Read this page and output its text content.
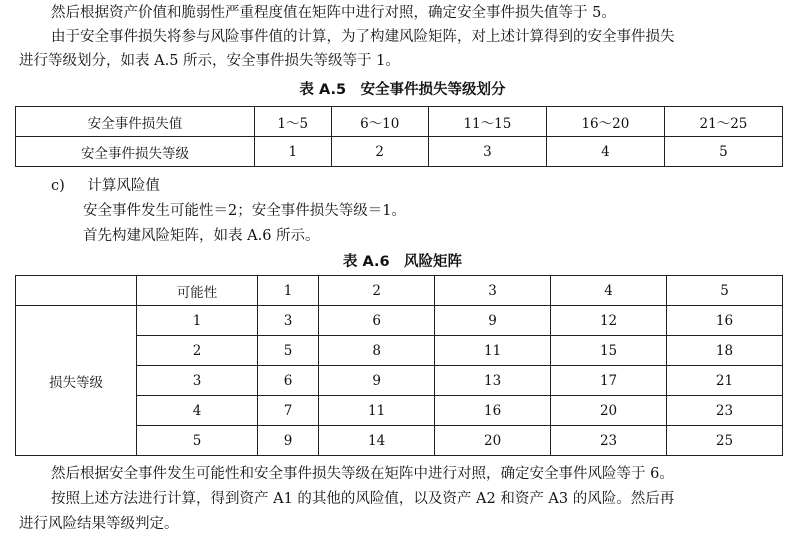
然后根据资产价值和脆弱性严重程度值在矩阵中进行对照，确定安全事件损失值等于 5。
由于安全事件损失将参与风险事件值的计算，为了构建风险矩阵，对上述计算得到的安全事件损失
进行等级划分，如表 A.5 所示，安全事件损失等级等于 1。
表 A.5　安全事件损失等级划分
安全事件损失值	1～5	6～10	11～15	16～20	21～25
安全事件损失等级	1	2	3	4	5
c) 计算风险值
安全事件发生可能性＝2；安全事件损失等级＝1。
首先构建风险矩阵，如表 A.6 所示。
表 A.6　风险矩阵
	可能性	1	2	3	4	5
损失等级	1	3	6	9	12	16
	2	5	8	11	15	18
	3	6	9	13	17	21
	4	7	11	16	20	23
	5	9	14	20	23	25
然后根据安全事件发生可能性和安全事件损失等级在矩阵中进行对照，确定安全事件风险等于 6。
按照上述方法进行计算，得到资产 A1 的其他的风险值，以及资产 A2 和资产 A3 的风险。然后再
进行风险结果等级判定。
